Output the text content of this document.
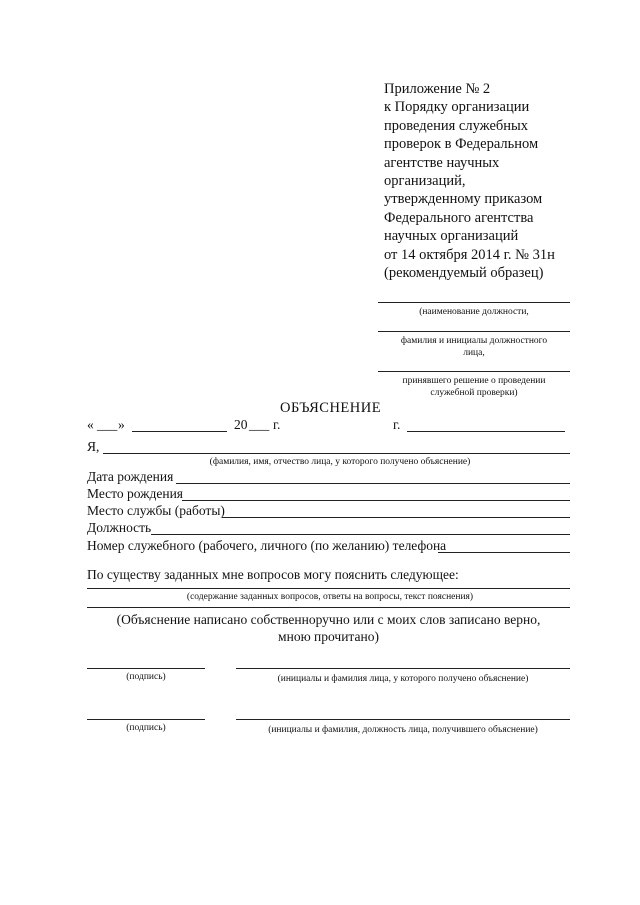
Приложение № 2
к Порядку организации
проведения служебных
проверок в Федеральном
агентстве научных
организаций,
утвержденному приказом
Федерального агентства
научных организаций
от 14 октября 2014 г. № 31н
(рекомендуемый образец)
(наименование должности,
фамилия и инициалы должностного
лица,
принявшего решение о проведении
служебной проверки)
ОБЪЯСНЕНИЕ
« ___ »	20 ___ г.	г.
Я,
(фамилия, имя, отчество лица, у которого получено объяснение)
Дата рождения
Место рождения
Место службы (работы)
Должность
Номер служебного (рабочего, личного (по желанию) телефона
По существу заданных мне вопросов могу пояснить следующее:
(содержание заданных вопросов, ответы на вопросы, текст пояснения)
(Объяснение написано собственноручно или с моих слов записано верно,
мною прочитано)
(подпись)	(инициалы и фамилия лица, у которого получено объяснение)
(подпись)	(инициалы и фамилия, должность лица, получившего объяснение)
